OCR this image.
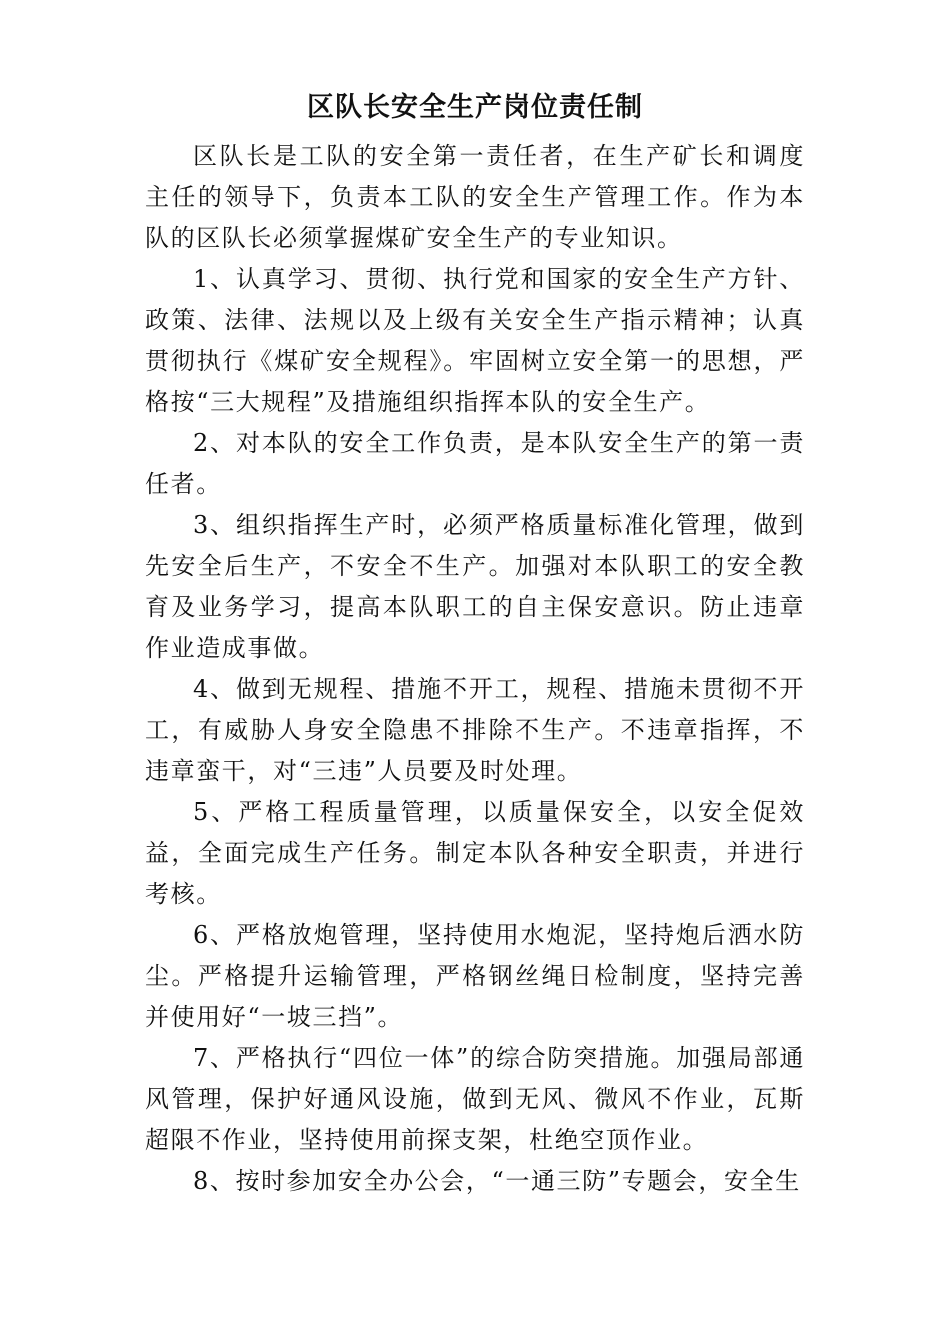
区队长安全生产岗位责任制

区队长是工队的安全第一责任者，在生产矿长和调度主任的领导下，负责本工队的安全生产管理工作。作为本队的区队长必须掌握煤矿安全生产的专业知识。

1、认真学习、贯彻、执行党和国家的安全生产方针、政策、法律、法规以及上级有关安全生产指示精神；认真贯彻执行《煤矿安全规程》。牢固树立安全第一的思想，严格按“三大规程”及措施组织指挥本队的安全生产。

2、对本队的安全工作负责，是本队安全生产的第一责任者。

3、组织指挥生产时，必须严格质量标准化管理，做到先安全后生产，不安全不生产。加强对本队职工的安全教育及业务学习，提高本队职工的自主保安意识。防止违章作业造成事做。

4、做到无规程、措施不开工，规程、措施未贯彻不开工，有威胁人身安全隐患不排除不生产。不违章指挥，不违章蛮干，对“三违”人员要及时处理。

5、严格工程质量管理，以质量保安全，以安全促效益，全面完成生产任务。制定本队各种安全职责，并进行考核。

6、严格放炮管理，坚持使用水炮泥，坚持炮后洒水防尘。严格提升运输管理，严格钢丝绳日检制度，坚持完善并使用好“一坡三挡”。

7、严格执行“四位一体”的综合防突措施。加强局部通风管理，保护好通风设施，做到无风、微风不作业，瓦斯超限不作业，坚持使用前探支架，杜绝空顶作业。

8、按时参加安全办公会，“一通三防”专题会，安全生
